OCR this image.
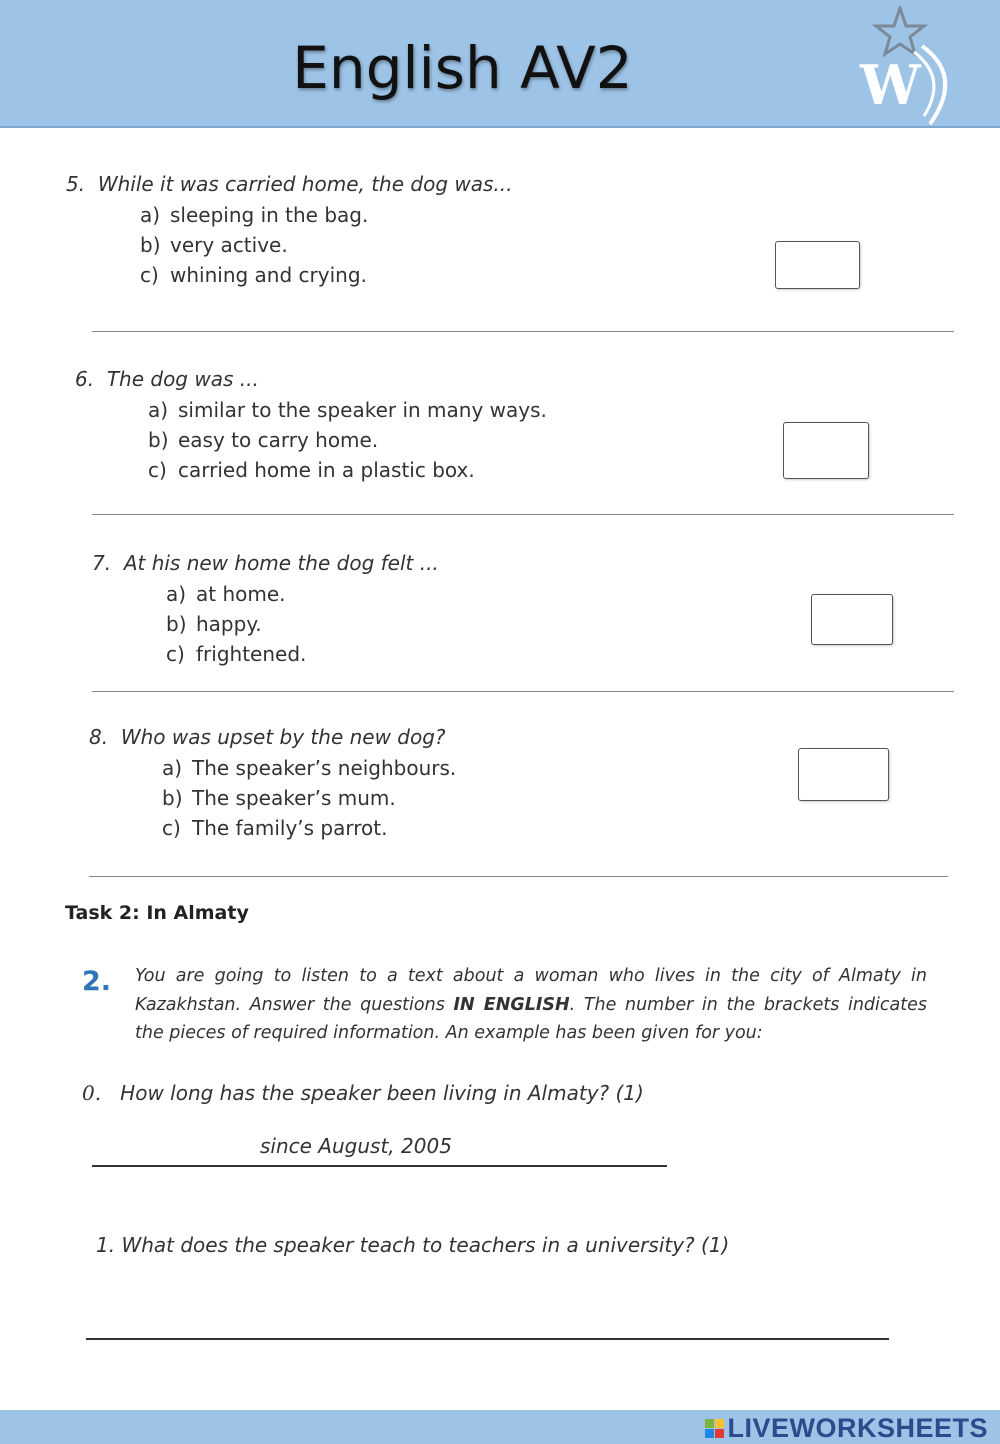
English AV2	W
5. While it was carried home, the dog was...
a) sleeping in the bag.
b) very active.
c) whining and crying.
6. The dog was ...
a) similar to the speaker in many ways.
b) easy to carry home.
c) carried home in a plastic box.
7. At his new home the dog felt ...
a) at home.
b) happy.
c) frightened.
8. Who was upset by the new dog?
a) The speaker’s neighbours.
b) The speaker’s mum.
c) The family’s parrot.
Task 2: In Almaty
2. You are going to listen to a text about a woman who lives in the city of Almaty in Kazakhstan. Answer the questions IN ENGLISH. The number in the brackets indicates the pieces of required information. An example has been given for you:
0. How long has the speaker been living in Almaty? (1)
since August, 2005
1. What does the speaker teach to teachers in a university? (1)
LIVEWORKSHEETS
